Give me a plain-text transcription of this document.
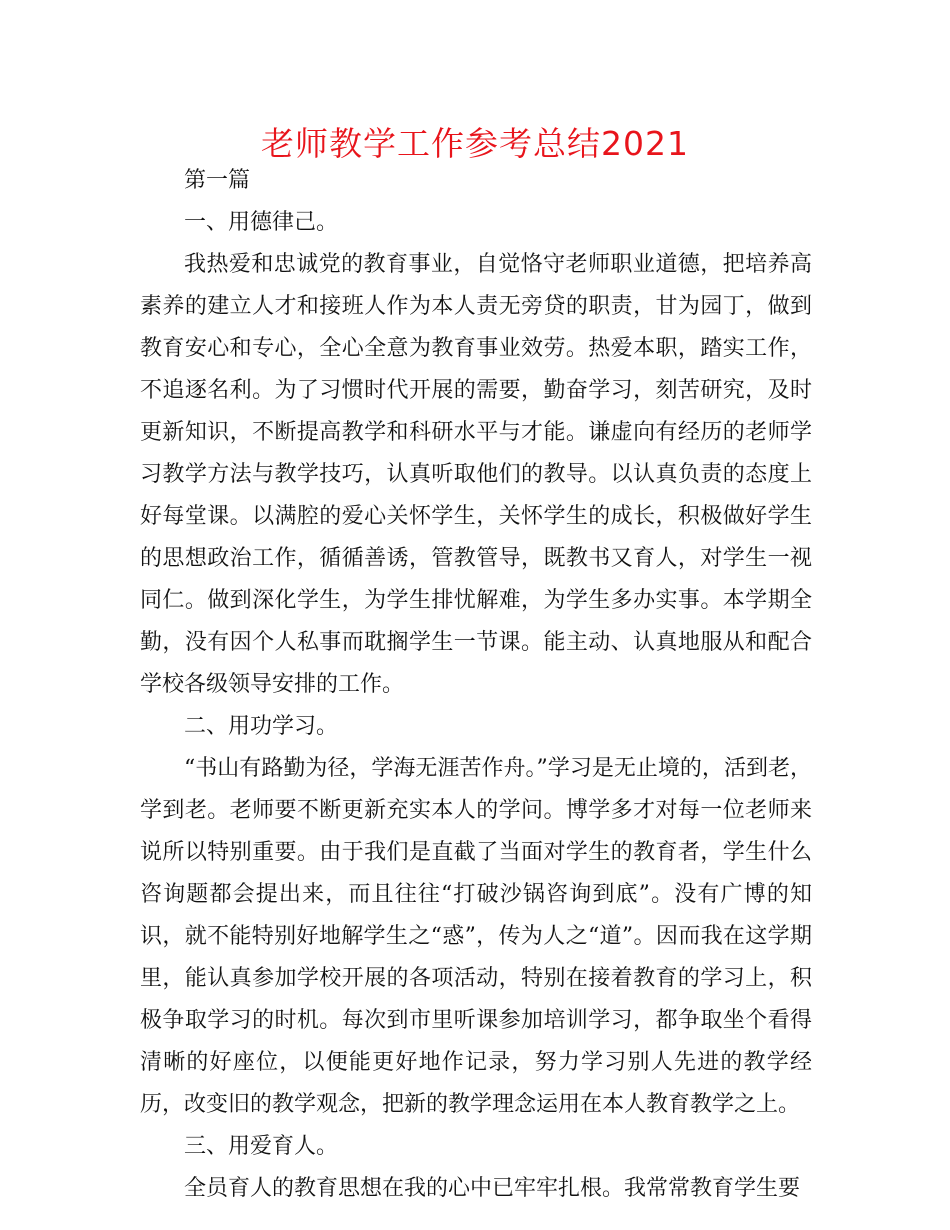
老师教学工作参考总结2021

第一篇

一、用德律己。

我热爱和忠诚党的教育事业，自觉恪守老师职业道德，把培养高素养的建立人才和接班人作为本人责无旁贷的职责，甘为园丁，做到教育安心和专心，全心全意为教育事业效劳。热爱本职，踏实工作，不追逐名利。为了习惯时代开展的需要，勤奋学习，刻苦研究，及时更新知识，不断提高教学和科研水平与才能。谦虚向有经历的老师学习教学方法与教学技巧，认真听取他们的教导。以认真负责的态度上好每堂课。以满腔的爱心关怀学生，关怀学生的成长，积极做好学生的思想政治工作，循循善诱，管教管导，既教书又育人，对学生一视同仁。做到深化学生，为学生排忧解难，为学生多办实事。本学期全勤，没有因个人私事而耽搁学生一节课。能主动、认真地服从和配合学校各级领导安排的工作。

二、用功学习。

“书山有路勤为径，学海无涯苦作舟。”学习是无止境的，活到老，学到老。老师要不断更新充实本人的学问。博学多才对每一位老师来说所以特别重要。由于我们是直截了当面对学生的教育者，学生什么咨询题都会提出来，而且往往“打破沙锅咨询到底”。没有广博的知识，就不能特别好地解学生之“惑”，传为人之“道”。因而我在这学期里，能认真参加学校开展的各项活动，特别在接着教育的学习上，积极争取学习的时机。每次到市里听课参加培训学习，都争取坐个看得清晰的好座位，以便能更好地作记录，努力学习别人先进的教学经历，改变旧的教学观念，把新的教学理念运用在本人教育教学之上。

三、用爱育人。

全员育人的教育思想在我的心中已牢牢扎根。我常常教育学生要
